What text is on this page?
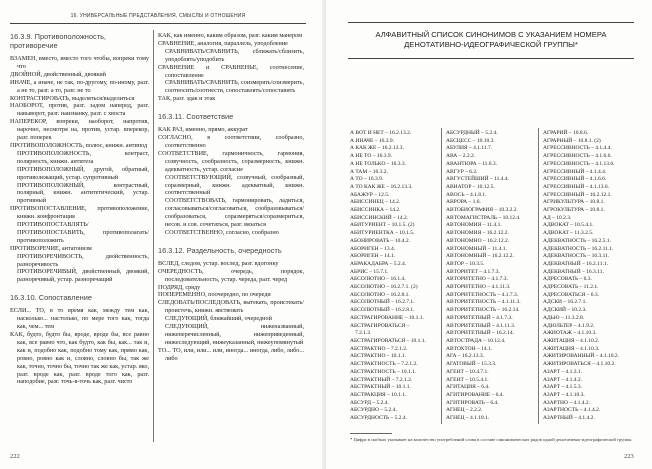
16. УНИВЕРСАЛЬНЫЕ ПРЕДСТАВЛЕНИЯ, СМЫСЛЫ И ОТНОШЕНИЯ
16.3.9. Противоположность, противоречие
ВЗАМЕН, вместо, вместо того чтобы, вопреки тому что
ДВОЙНОЙ, двойственный, двоякий
ИНАЧЕ, а иначе, не так, по-другому, по-иному, разг. а не то, разг. а то, разг. не то
КОНТРАСТИРОВАТЬ, выделяться/выделиться
НАОБОРОТ, против, разг. задом наперед, разг. навыворот, разг. наизнанку, разг. с хвоста
НАПЕРЕКОР, вопреки, наоборот, напротив, нарочно, несмотря на, против, устар. вперекор, разг. поперек
ПРОТИВОПОЛОЖНОСТЬ, полюс, книжн. антипод
ПРОТИВОПОЛОЖНОСТЬ, контраст, полярность, книжн. антитеза
ПРОТИВОПОЛОЖНЫЙ, другой, обратный, противолежащий, устар. супротивный
ПРОТИВОПОЛОЖНЫЙ, контрастный, полярный, книжн. антитетический, устар. противный
ПРОТИВОПОСТАВЛЕНИЕ, противоположение, книжн. конфронтация
ПРОТИВОПОСТАВЛЯТЬ/ПРОТИВОПОСТАВИТЬ, противополагать/противоположить
ПРОТИВОРЕЧИЕ, антагонизм
ПРОТИВОРЕЧИВОСТЬ, двойственность, разноречивость
ПРОТИВОРЕЧИВЫЙ, двойственный, двоякий, разноречивый, устар. разноречащий
16.3.10. Сопоставление
ЕСЛИ... ТО, в то время как, между тем как, насколько... настолько, по мере того как, тогда как, чем... тем
КАК, будто, будто бы, вроде, вроде бы, все равно как, все равно что, как будто, как бы, как... так и, как и, подобно как, подобно тому как, прямо как, ровно, ровно как и, словно, словно бы, так же как, точно, точно бы, точно так же как, устар. яко, разг. вроде как, разг. вроде того как, разг. наподобие, разг. точь-в-точь как, разг. чисто
КАК, как именно, каким образом, разг. каким манером
СРАВНЕНИЕ, аналогия, параллель, уподобление
СРАВНИВАТЬ/СРАВНИТЬ, сближать/сблизить, уподоблять/уподобить
СРАВНЕНИЕ и СРАВНЕНЬЕ, соотнесение, сопоставление
СРАВНИВАТЬ/СРАВНИТЬ, соизмерять/соизмерить, соотносить/соотнести, сопоставлять/сопоставить
ТАК, разг. эдак и этак
16.3.11. Соответствие
КАК РАЗ, именно, прямо, аккурат
СОГЛАСНО, в соответствии, сообразно, соответственно
СООТВЕТСТВИЕ, гармоничность, гармония, созвучность, сообразность, соразмерность, книжн. адекватность, устар. согласие
СООТВЕТСТВУЮЩИЙ, созвучный, сообразный, соразмерный, книжн. адекватный, книжн. соответственный
СООТВЕТСТВОВАТЬ, гармонировать, ладиться, согласовываться/согласоваться, сообразовываться/сообразоваться, соразмеряться/соразмериться, несов. и сов. сочетаться, разг. вязаться
СООТВЕТСТВЕННО, согласно, сообразно
16.3.12. Раздельность, очередность
ВСЛЕД, следом, устар. вослед, разг. вдогонку
ОЧЕРЕДНОСТЬ, очередь, порядок, последовательность, устар. череда, разг. черед
ПОДРЯД, сряду
ПОПЕРЕМЕННО, поочередно, по очереди
СЛЕДОВАТЬ/ПОСЛЕДОВАТЬ, вытекать, проистекать/проистечь, книжн. явствовать
СЛЕДУЮЩИЙ, ближайший, очередной
СЛЕДУЮЩИЙ, ниженазванный, нижеперечисленный, нижеприведенный, нижеследующий, нижеуказанный, нижеупомянутый
ТО... ТО, или, или... или, иногда... иногда, либо, либо... либо
222
АЛФАВИТНЫЙ СПИСОК СИНОНИМОВ С УКАЗАНИЕМ НОМЕРА
ДЕНОТАТИВНО-ИДЕОГРАФИЧЕСКОЙ ГРУППЫ*
А ВОТ И НЕТ – 16.2.13.2.
А ИНАЧЕ – 16.3.9.
А КАК ЖЕ – 16.2.13.3.
А НЕ ТО – 16.3.9.
А НЕ ТОЛЬКО – 16.3.3.
А ТАМ – 16.3.2.
А ТО – 16.3.9.
А ТО КАК ЖЕ – 16.2.13.3.
АБАЖУР – 12.5.
АБИССИНЕЦ – 14.2.
АБИССИНКА – 14.2.
АБИССИНСКИЙ – 14.2.
АБИТУРИЕНТ – 10.1.5. (2)
АБИТУРИЕНТКА – 10.1.5.
АБОНИРОВАТЬ – 10.4.2.
АБОРИГЕН – 13.4.
АБОРИГЕН – 14.1.
АБРАКАДАБРА – 5.2.4.
АБРИС – 15.7.1.
АБСОЛЮТНО – 16.1.4.
АБСОЛЮТНО – 16.2.7.1. (2)
АБСОЛЮТНО – 16.2.8.1.
АБСОЛЮТНЫЙ – 16.2.7.1.
АБСОЛЮТНЫЙ – 16.2.8.1.
АБСТРАГИРОВАНИЕ – 10.1.1.
АБСТРАГИРОВАТЬСЯ –
7.2.1.2.
АБСТРАГИРОВАТЬСЯ – 10.1.1.
АБСТРАКТНО – 7.2.1.2.
АБСТРАКТНО – 10.1.1.
АБСТРАКТНОСТЬ – 7.2.1.2.
АБСТРАКТНОСТЬ – 10.1.1.
АБСТРАКТНЫЙ – 7.2.1.2.
АБСТРАКТНЫЙ – 10.1.1.
АБСТРАКЦИЯ – 10.1.1.
АБСУРД – 5.2.4.
АБСУРДНО – 5.2.4.
АБСУРДНОСТЬ – 5.2.4.
АБСУРДНЫЙ – 5.2.4.
АБСЦЕСС – 10.10.3.
АБУЛИЯ – 4.1.11.7.
АВА – 2.2.2.
АВАНТЮРА – 11.6.3.
АВГУР – 6.2.
АВГУСТЕЙШИЙ – 11.4.4.
АВИАТОР – 10.12.5.
АВОСЬ – 4.1.8.1.
АВРОРА – 1.6.
АВТОБИОГРАФИЯ – 10.3.2.2.
АВТОМАГИСТРАЛЬ – 10.12.4.
АВТОНОМИЯ – 11.4.1.
АВТОНОМИЯ – 16.2.12.2.
АВТОНОМНО – 16.2.12.2.
АВТОНОМНЫЙ – 11.4.1.
АВТОНОМНЫЙ – 16.2.12.2.
АВТОР – 10.3.5.
АВТОРИТЕТ – 4.1.7.3.
АВТОРИТЕТНО – 4.1.7.3.
АВТОРИТЕТНО – 4.1.11.3.
АВТОРИТЕТНОСТЬ – 4.1.7.3.
АВТОРИТЕТНОСТЬ – 4.1.11.3.
АВТОРИТЕТНОСТЬ – 16.2.14.
АВТОРИТЕТНЫЙ – 4.1.7.3.
АВТОРИТЕТНЫЙ – 4.1.11.3.
АВТОРИТЕТНЫЙ – 16.2.14.
АВТОСТРАДА – 10.12.4.
АВТОХТОН – 14.1.
АГА – 16.2.13.3.
АГАТОВЫЙ – 15.3.3.
АГЕНТ – 10.4.7.1.
АГЕНТ – 10.5.4.1.
АГИТАЦИЯ – 6.4.
АГИТИРОВАНИЕ – 6.4.
АГИТИРОВАТЬ – 6.4.
АГНЕЦ – 2.2.2.
АГНЕЦ – 4.1.18.1.
АГРАРИЙ – 10.8.6.
АГРАРНЫЙ – 10.8.1. (2)
АГРЕССИВНОСТЬ – 4.1.4.4.
АГРЕССИВНОСТЬ – 4.1.6.6.
АГРЕССИВНОСТЬ – 4.1.13.6.
АГРЕССИВНЫЙ – 4.1.4.4.
АГРЕССИВНЫЙ – 4.1.6.6.
АГРЕССИВНЫЙ – 4.1.13.6.
АГРЕССИВНЫЙ – 16.2.12.1.
АГРИКУЛЬТУРА – 10.8.1.
АГРОКУЛЬТУРА – 10.8.1.
АД – 10.2.3.
АДВОКАТ – 10.5.4.1.
АДВОКАТ – 11.3.2.5.
АДЕКВАТНОСТЬ – 16.2.5.1.
АДЕКВАТНОСТЬ – 16.2.11.1.
АДЕКВАТНОСТЬ – 16.3.11.
АДЕКВАТНЫЙ – 16.2.11.1.
АДЕКВАТНЫЙ – 16.3.11.
АДРЕСОВАТЬ – 6.3.
АДРЕСОВАТЬ – 11.2.1.
АДРЕСОВАТЬСЯ – 6.3.
АДСКИ – 16.2.7.1.
АДСКИЙ – 10.2.3.
АДЬЮ – 11.3.2.8.
АДЮЛЬТЕР – 4.1.9.2.
АЖИОТАЖ – 4.1.10.3.
АЖИТАЦИЯ – 4.1.10.2.
АЖИТАЦИЯ – 4.1.10.3.
АЖИТИРОВАННЫЙ – 4.1.10.2.
АЖИТИРОВАТЬСЯ – 4.1.10.2.
АЗАРТ – 4.1.3.1.
АЗАРТ – 4.1.4.2.
АЗАРТ – 4.1.5.3.
АЗАРТ – 4.1.10.3.
АЗАРТНО – 4.1.4.2.
АЗАРТНОСТЬ – 4.1.4.2.
АЗАРТНЫЙ – 4.1.4.2.
* Цифра в скобках указывает на количество употреблений слова в составе синонимических рядов одной денотативно-идеографической группы.
223
